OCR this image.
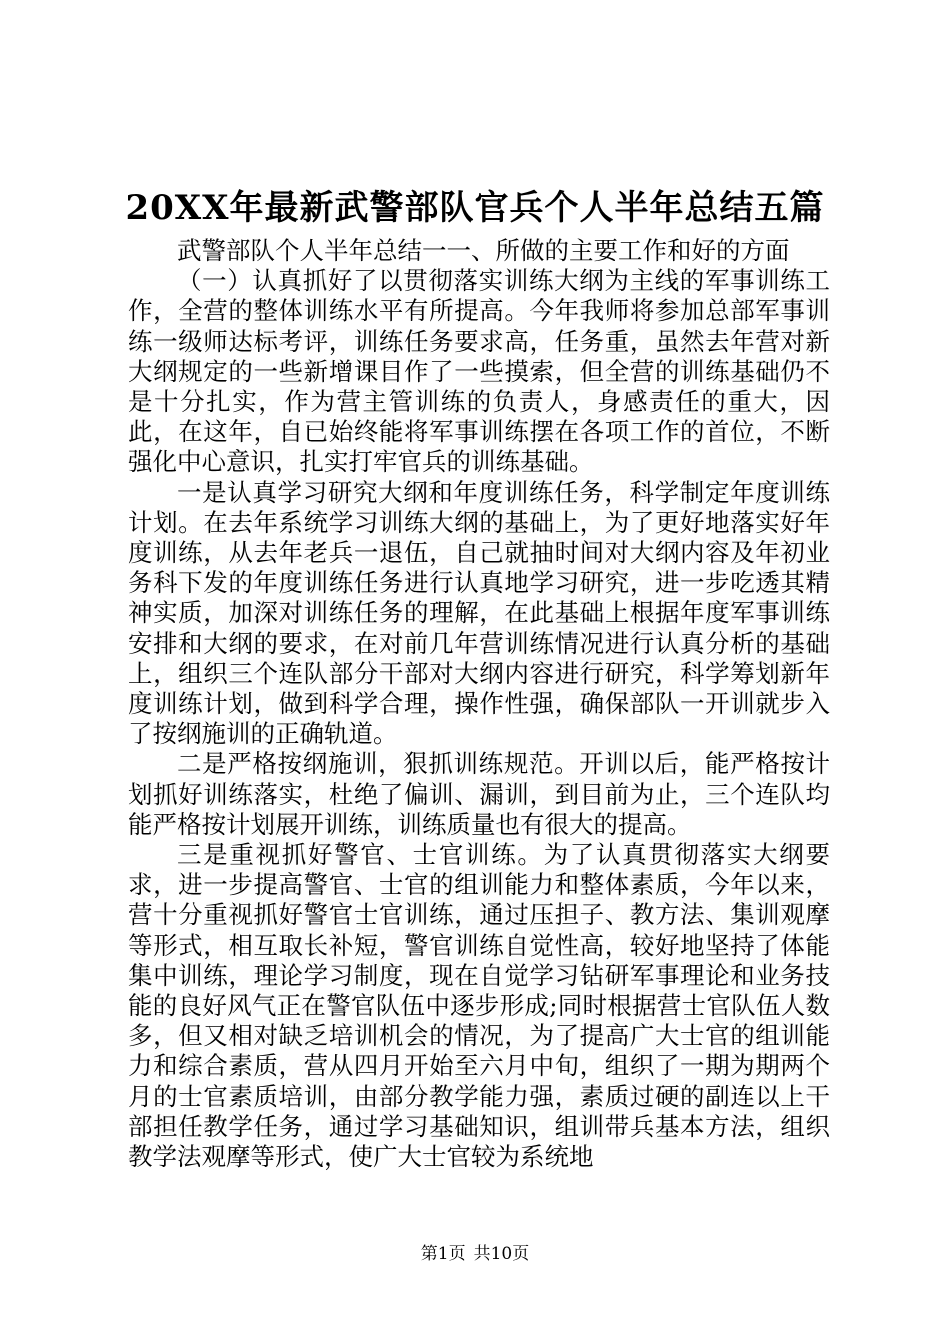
20XX年最新武警部队官兵个人半年总结五篇

武警部队个人半年总结一一、所做的主要工作和好的方面

（一）认真抓好了以贯彻落实训练大纲为主线的军事训练工作，全营的整体训练水平有所提高。今年我师将参加总部军事训练一级师达标考评，训练任务要求高，任务重，虽然去年营对新大纲规定的一些新增课目作了一些摸索，但全营的训练基础仍不是十分扎实，作为营主管训练的负责人，身感责任的重大，因此，在这年，自已始终能将军事训练摆在各项工作的首位，不断强化中心意识，扎实打牢官兵的训练基础。

一是认真学习研究大纲和年度训练任务，科学制定年度训练计划。在去年系统学习训练大纲的基础上，为了更好地落实好年度训练，从去年老兵一退伍，自己就抽时间对大纲内容及年初业务科下发的年度训练任务进行认真地学习研究，进一步吃透其精神实质，加深对训练任务的理解，在此基础上根据年度军事训练安排和大纲的要求，在对前几年营训练情况进行认真分析的基础上，组织三个连队部分干部对大纲内容进行研究，科学筹划新年度训练计划，做到科学合理，操作性强，确保部队一开训就步入了按纲施训的正确轨道。

二是严格按纲施训，狠抓训练规范。开训以后，能严格按计划抓好训练落实，杜绝了偏训、漏训，到目前为止，三个连队均能严格按计划展开训练，训练质量也有很大的提高。

三是重视抓好警官、士官训练。为了认真贯彻落实大纲要求，进一步提高警官、士官的组训能力和整体素质，今年以来，营十分重视抓好警官士官训练，通过压担子、教方法、集训观摩等形式，相互取长补短，警官训练自觉性高，较好地坚持了体能集中训练，理论学习制度，现在自觉学习钻研军事理论和业务技能的良好风气正在警官队伍中逐步形成;同时根据营士官队伍人数多，但又相对缺乏培训机会的情况，为了提高广大士官的组训能力和综合素质，营从四月开始至六月中旬，组织了一期为期两个月的士官素质培训，由部分教学能力强，素质过硬的副连以上干部担任教学任务，通过学习基础知识，组训带兵基本方法，组织教学法观摩等形式，使广大士官较为系统地

第1页 共10页
